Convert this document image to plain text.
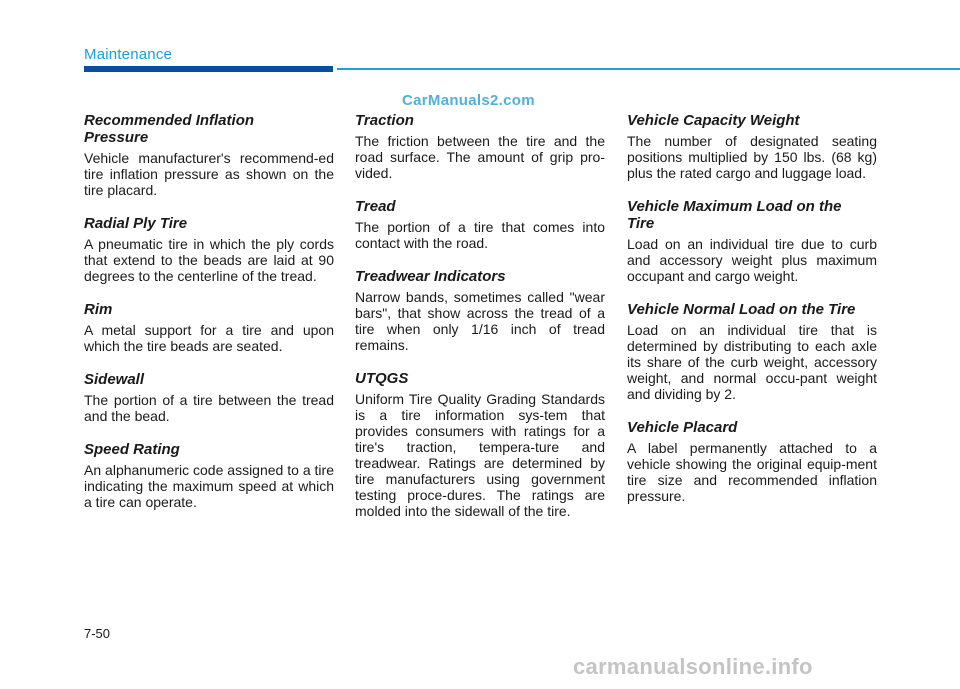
Maintenance
CarManuals2.com
Recommended Inflation Pressure

Vehicle manufacturer's recommend-ed tire inflation pressure as shown on the tire placard.

Radial Ply Tire

A pneumatic tire in which the ply cords that extend to the beads are laid at 90 degrees to the centerline of the tread.

Rim

A metal support for a tire and upon which the tire beads are seated.

Sidewall

The portion of a tire between the tread and the bead.

Speed Rating

An alphanumeric code assigned to a tire indicating the maximum speed at which a tire can operate.

Traction

The friction between the tire and the road surface. The amount of grip pro-vided.

Tread

The portion of a tire that comes into contact with the road.

Treadwear Indicators

Narrow bands, sometimes called "wear bars", that show across the tread of a tire when only 1/16 inch of tread remains.

UTQGS

Uniform Tire Quality Grading Standards is a tire information sys-tem that provides consumers with ratings for a tire's traction, tempera-ture and treadwear. Ratings are determined by tire manufacturers using government testing proce-dures. The ratings are molded into the sidewall of the tire.

Vehicle Capacity Weight

The number of designated seating positions multiplied by 150 lbs. (68 kg) plus the rated cargo and luggage load.

Vehicle Maximum Load on the Tire

Load on an individual tire due to curb and accessory weight plus maximum occupant and cargo weight.

Vehicle Normal Load on the Tire

Load on an individual tire that is determined by distributing to each axle its share of the curb weight, accessory weight, and normal occu-pant weight and dividing by 2.

Vehicle Placard

A label permanently attached to a vehicle showing the original equip-ment tire size and recommended inflation pressure.

7-50
carmanualsonline.info
